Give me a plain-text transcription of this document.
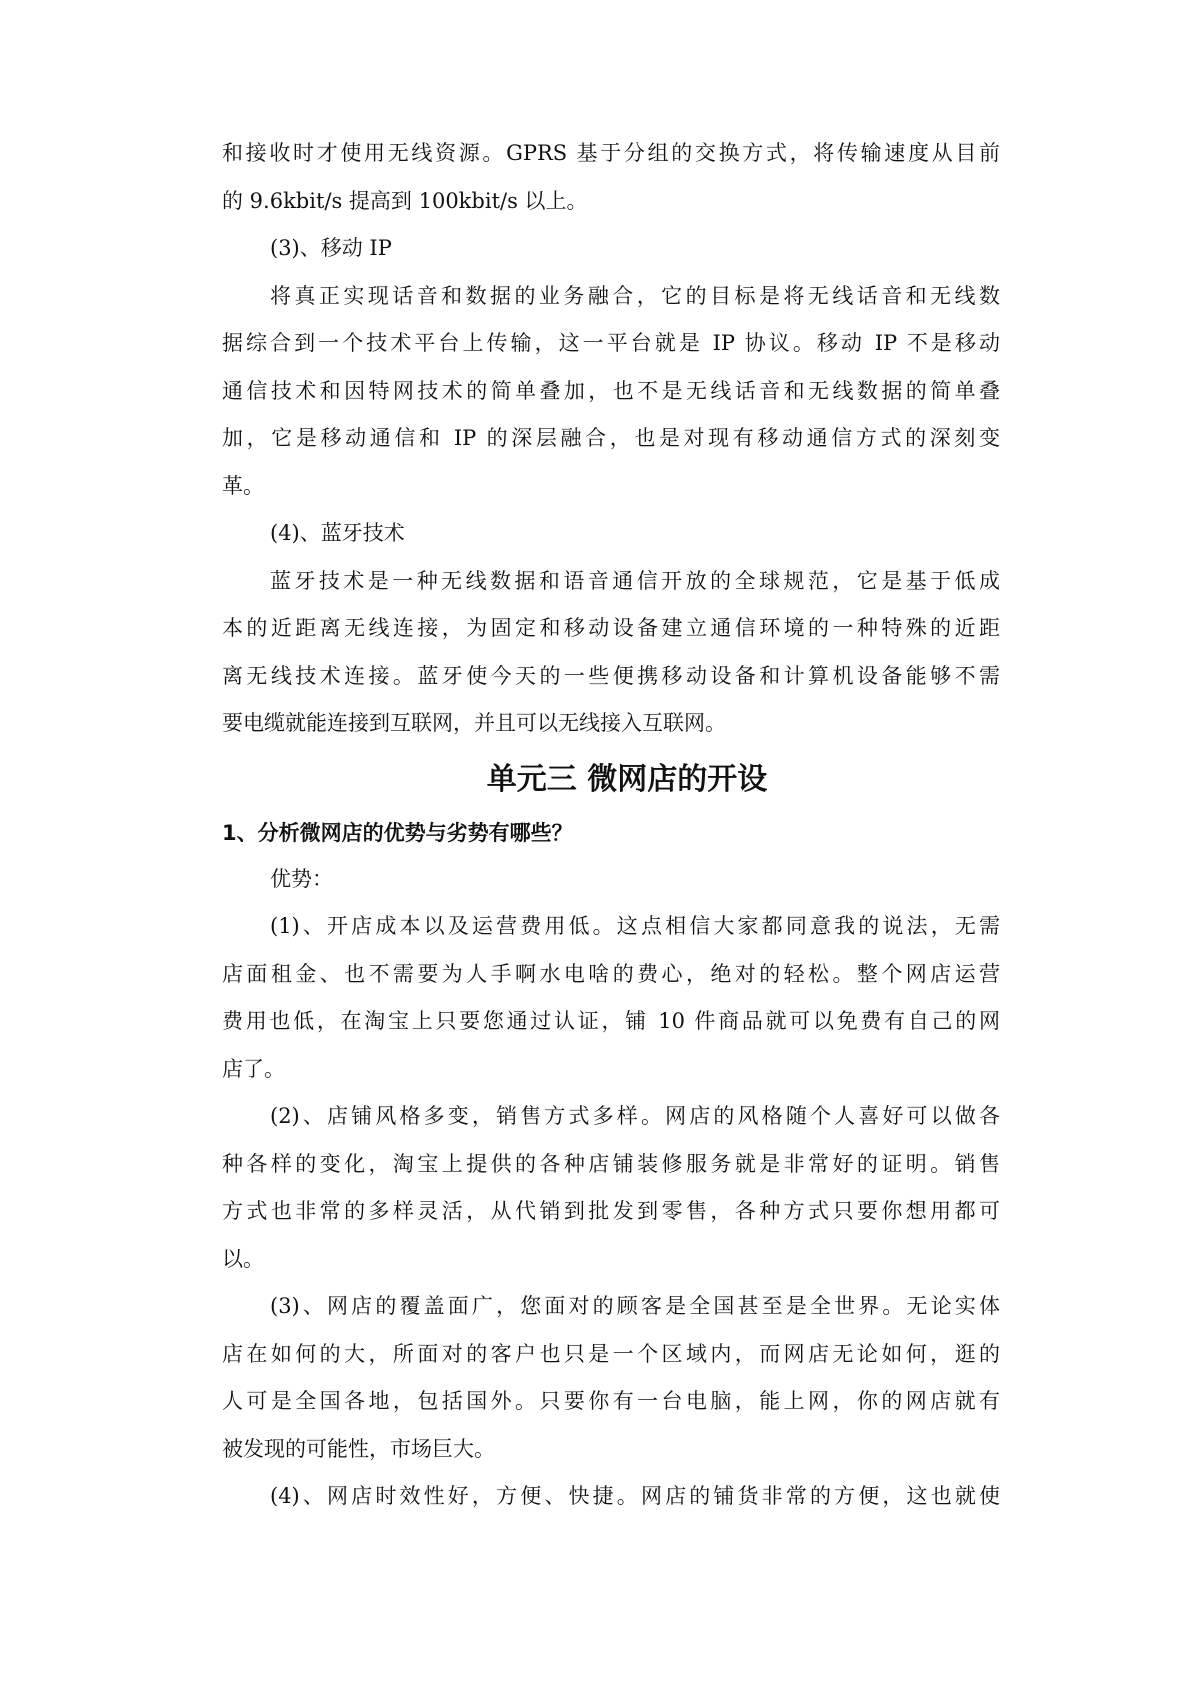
和接收时才使用无线资源。GPRS 基于分组的交换方式，将传输速度从目前
的 9.6kbit/s 提高到 100kbit/s 以上。
(3)、移动 IP
将真正实现话音和数据的业务融合，它的目标是将无线话音和无线数
据综合到一个技术平台上传输，这一平台就是 IP 协议。移动 IP 不是移动
通信技术和因特网技术的简单叠加，也不是无线话音和无线数据的简单叠
加，它是移动通信和 IP 的深层融合，也是对现有移动通信方式的深刻变
革。
(4)、蓝牙技术
蓝牙技术是一种无线数据和语音通信开放的全球规范，它是基于低成
本的近距离无线连接，为固定和移动设备建立通信环境的一种特殊的近距
离无线技术连接。蓝牙使今天的一些便携移动设备和计算机设备能够不需
要电缆就能连接到互联网，并且可以无线接入互联网。
单元三 微网店的开设
1、分析微网店的优势与劣势有哪些？
优势：
(1)、开店成本以及运营费用低。这点相信大家都同意我的说法，无需
店面租金、也不需要为人手啊水电啥的费心，绝对的轻松。整个网店运营
费用也低，在淘宝上只要您通过认证，铺 10 件商品就可以免费有自己的网
店了。
(2)、店铺风格多变，销售方式多样。网店的风格随个人喜好可以做各
种各样的变化，淘宝上提供的各种店铺装修服务就是非常好的证明。销售
方式也非常的多样灵活，从代销到批发到零售，各种方式只要你想用都可
以。
(3)、网店的覆盖面广，您面对的顾客是全国甚至是全世界。无论实体
店在如何的大，所面对的客户也只是一个区域内，而网店无论如何，逛的
人可是全国各地，包括国外。只要你有一台电脑，能上网，你的网店就有
被发现的可能性，市场巨大。
(4)、网店时效性好，方便、快捷。网店的铺货非常的方便，这也就使
